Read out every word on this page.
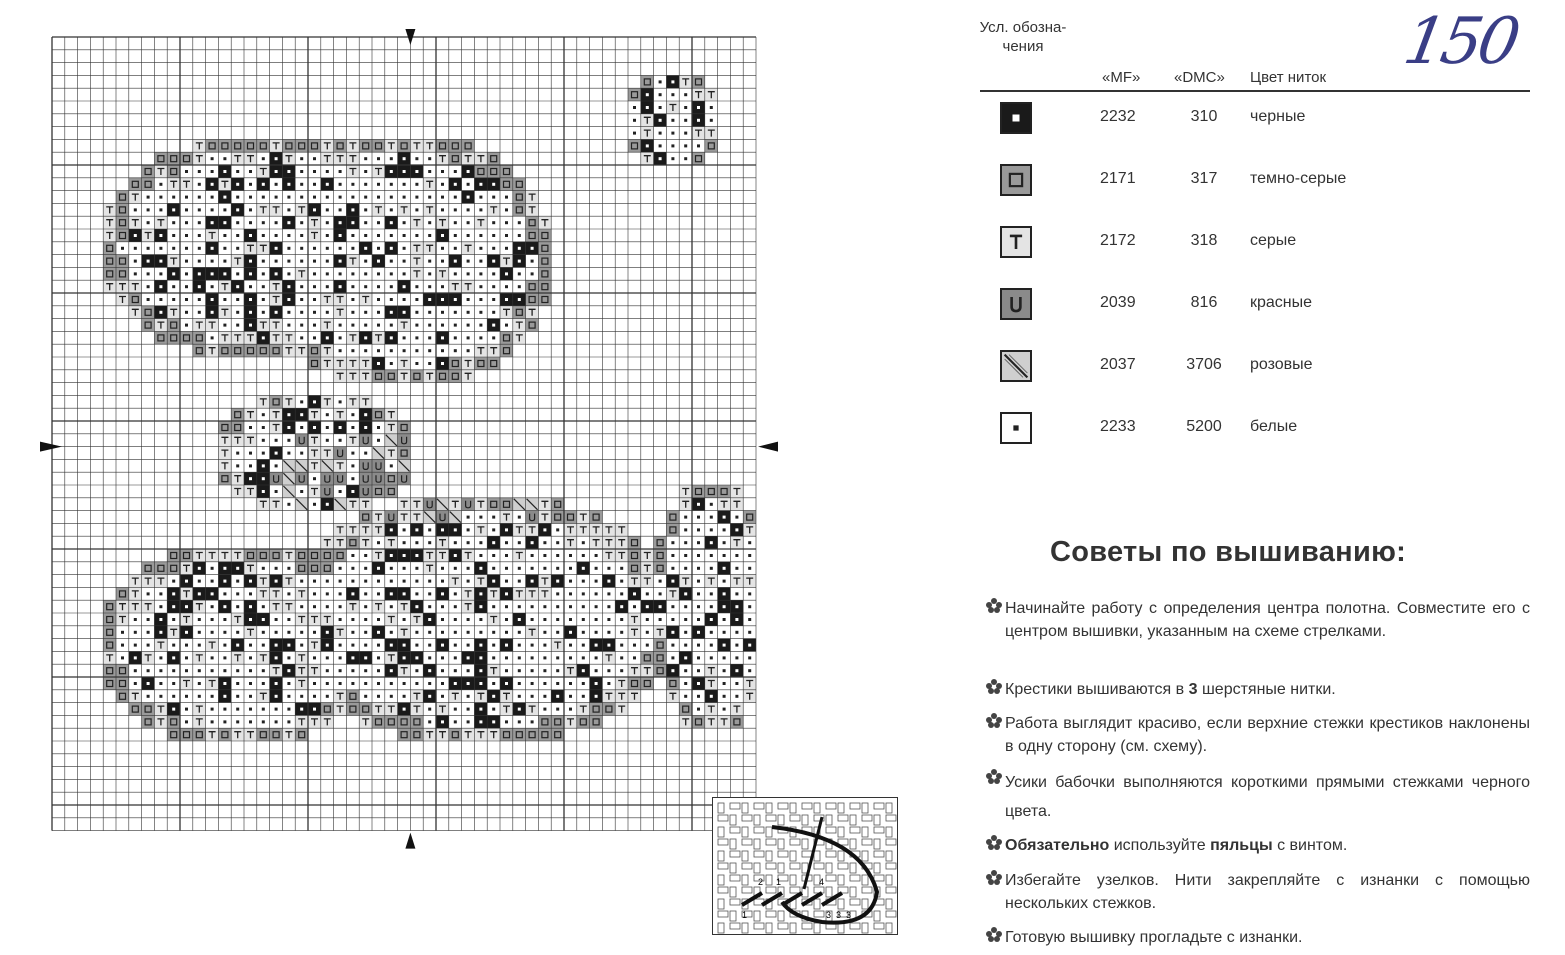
150
Усл. обозна-чения
«MF» «DMC» Цвет ниток
2232	310	черные
2171	317	темно-серые
2172	318	серые
2039	816	красные
2037	3706	розовые
2233	5200	белые
Советы по вышиванию:
Начинайте работу с определения центра полотна. Совместите его с центром вышивки, указанным на схеме стрелками.
Крестики вышиваются в 3 шерстяные нитки.
Работа выглядит красиво, если верхние стежки крестиков наклонены в одну сторону (см. схему).
Усики бабочки выполняются короткими прямыми стежками черного цвета.
Обязательно используйте пяльцы с винтом.
Избегайте узелков. Нити закрепляйте с изнанки с помощью нескольких стежков.
Готовую вышивку прогладьте с изнанки.
2 1	4
3
1	3 3
